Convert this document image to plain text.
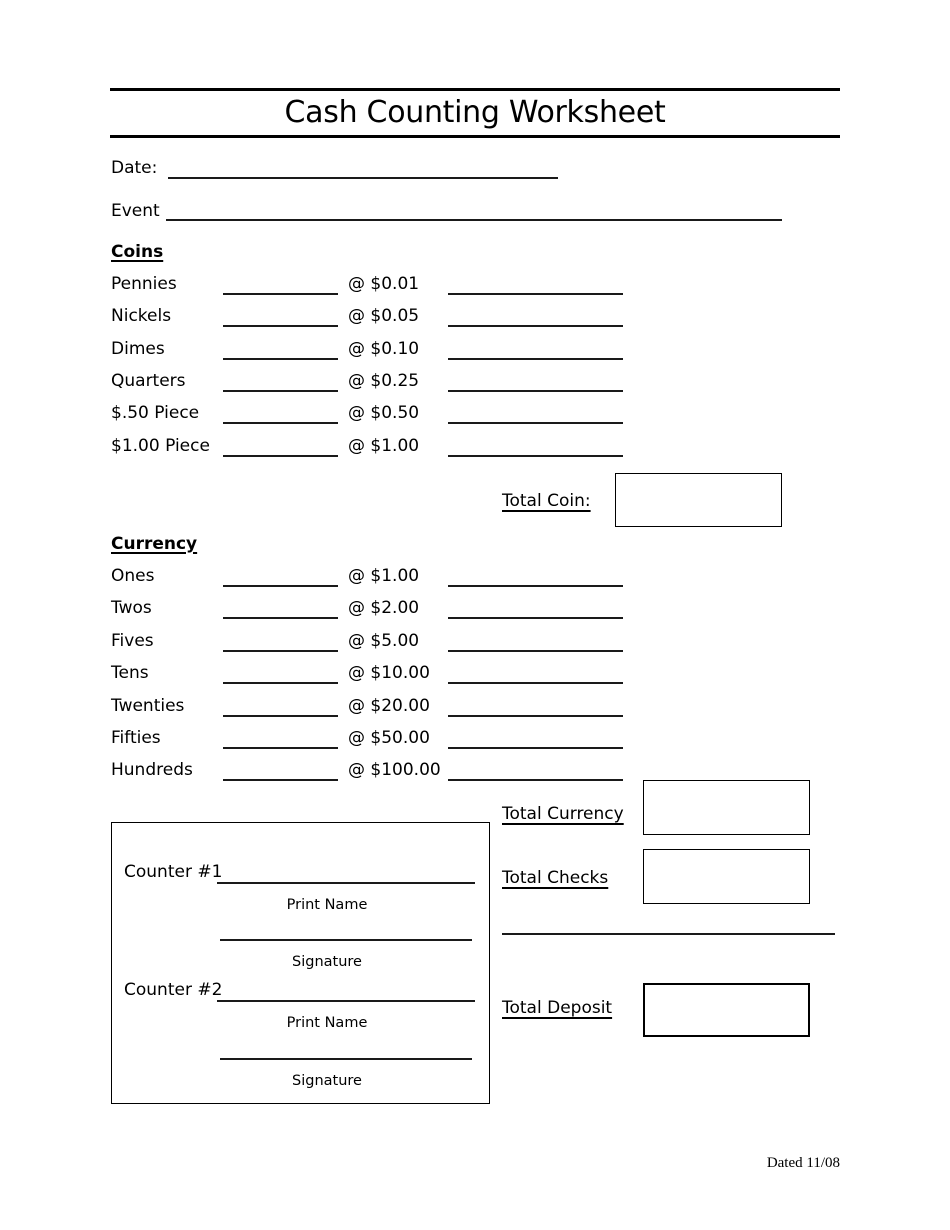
Cash Counting Worksheet
Date:
Event
Coins
Pennies	@ $0.01
Nickels	@ $0.05
Dimes	@ $0.10
Quarters	@ $0.25
$.50 Piece	@ $0.50
$1.00 Piece	@ $1.00
Total Coin:
Currency
Ones	@ $1.00
Twos	@ $2.00
Fives	@ $5.00
Tens	@ $10.00
Twenties	@ $20.00
Fifties	@ $50.00
Hundreds	@ $100.00
Total Currency
Total Checks
Total Deposit
Counter #1
Print Name
Signature
Counter #2
Print Name
Signature
Dated 11/08
